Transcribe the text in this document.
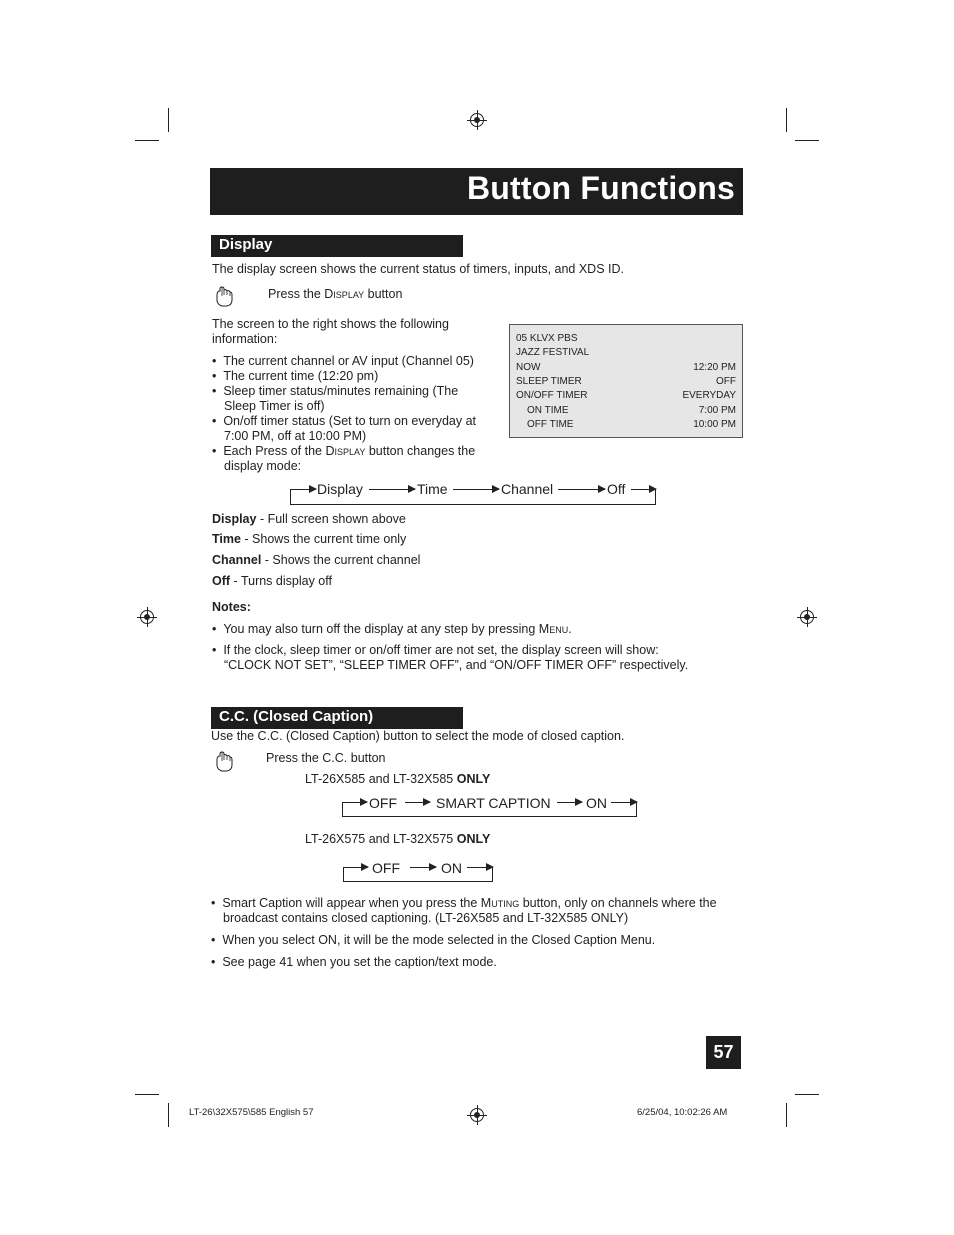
Button Functions
Display
The display screen shows the current status of timers, inputs, and XDS ID.
Press the Display button
The screen to the right shows the following
information:
•  The current channel or AV input (Channel 05)
•  The current time (12:20 pm)
•  Sleep timer status/minutes remaining (The
Sleep Timer is off)
•  On/off timer status (Set to turn on everyday at
7:00 PM, off at 10:00 PM)
•  Each Press of the Display button changes the
display mode:
05 KLVX PBS
JAZZ FESTIVAL
NOW	12:20 PM
SLEEP TIMER	OFF
ON/OFF TIMER	EVERYDAY
ON TIME	7:00 PM
OFF TIME	10:00 PM
Display	Time	Channel	Off
Display - Full screen shown above
Time - Shows the current time only
Channel - Shows the current channel
Off - Turns display off
Notes:
•  You may also turn off the display at any step by pressing Menu.
•  If the clock, sleep timer or on/off timer are not set, the display screen will show:
“CLOCK NOT SET”, “SLEEP TIMER OFF”, and “ON/OFF TIMER OFF” respectively.
C.C. (Closed Caption)
Use the C.C. (Closed Caption) button to select the mode of closed caption.
Press the C.C. button
LT-26X585 and LT-32X585 ONLY
OFF	SMART CAPTION	ON
LT-26X575 and LT-32X575 ONLY
OFF	ON
•  Smart Caption will appear when you press the Muting button, only on channels where the
broadcast contains closed captioning. (LT-26X585 and LT-32X585 ONLY)
•  When you select ON, it will be the mode selected in the Closed Caption Menu.
•  See page 41 when you set the caption/text mode.
57
LT-26\32X575\585 English 57	6/25/04, 10:02:26 AM
